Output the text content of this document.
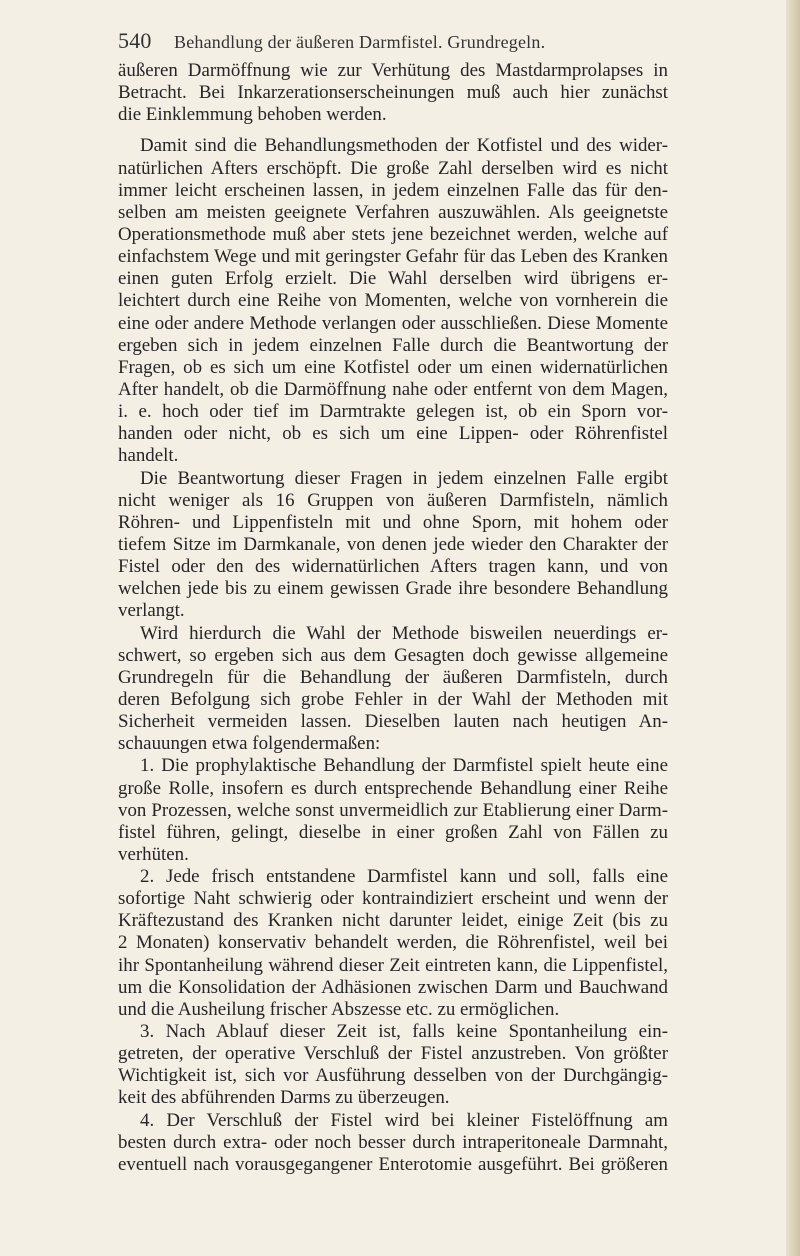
540 Behandlung der äußeren Darmfistel. Grundregeln.
äußeren Darmöffnung wie zur Verhütung des Mastdarmprolapses in
Betracht. Bei Inkarzerationserscheinungen muß auch hier zunächst
die Einklemmung behoben werden.
Damit sind die Behandlungsmethoden der Kotfistel und des wider-
natürlichen Afters erschöpft. Die große Zahl derselben wird es nicht
immer leicht erscheinen lassen, in jedem einzelnen Falle das für den-
selben am meisten geeignete Verfahren auszuwählen. Als geeignetste
Operationsmethode muß aber stets jene bezeichnet werden, welche auf
einfachstem Wege und mit geringster Gefahr für das Leben des Kranken
einen guten Erfolg erzielt. Die Wahl derselben wird übrigens er-
leichtert durch eine Reihe von Momenten, welche von vornherein die
eine oder andere Methode verlangen oder ausschließen. Diese Momente
ergeben sich in jedem einzelnen Falle durch die Beantwortung der
Fragen, ob es sich um eine Kotfistel oder um einen widernatürlichen
After handelt, ob die Darmöffnung nahe oder entfernt von dem Magen,
i. e. hoch oder tief im Darmtrakte gelegen ist, ob ein Sporn vor-
handen oder nicht, ob es sich um eine Lippen- oder Röhrenfistel
handelt.
Die Beantwortung dieser Fragen in jedem einzelnen Falle ergibt
nicht weniger als 16 Gruppen von äußeren Darmfisteln, nämlich
Röhren- und Lippenfisteln mit und ohne Sporn, mit hohem oder
tiefem Sitze im Darmkanale, von denen jede wieder den Charakter der
Fistel oder den des widernatürlichen Afters tragen kann, und von
welchen jede bis zu einem gewissen Grade ihre besondere Behandlung
verlangt.
Wird hierdurch die Wahl der Methode bisweilen neuerdings er-
schwert, so ergeben sich aus dem Gesagten doch gewisse allgemeine
Grundregeln für die Behandlung der äußeren Darmfisteln, durch
deren Befolgung sich grobe Fehler in der Wahl der Methoden mit
Sicherheit vermeiden lassen. Dieselben lauten nach heutigen An-
schauungen etwa folgendermaßen:
1. Die prophylaktische Behandlung der Darmfistel spielt heute eine
große Rolle, insofern es durch entsprechende Behandlung einer Reihe
von Prozessen, welche sonst unvermeidlich zur Etablierung einer Darm-
fistel führen, gelingt, dieselbe in einer großen Zahl von Fällen zu
verhüten.
2. Jede frisch entstandene Darmfistel kann und soll, falls eine
sofortige Naht schwierig oder kontraindiziert erscheint und wenn der
Kräftezustand des Kranken nicht darunter leidet, einige Zeit (bis zu
2 Monaten) konservativ behandelt werden, die Röhrenfistel, weil bei
ihr Spontanheilung während dieser Zeit eintreten kann, die Lippenfistel,
um die Konsolidation der Adhäsionen zwischen Darm und Bauchwand
und die Ausheilung frischer Abszesse etc. zu ermöglichen.
3. Nach Ablauf dieser Zeit ist, falls keine Spontanheilung ein-
getreten, der operative Verschluß der Fistel anzustreben. Von größter
Wichtigkeit ist, sich vor Ausführung desselben von der Durchgängig-
keit des abführenden Darms zu überzeugen.
4. Der Verschluß der Fistel wird bei kleiner Fistelöffnung am
besten durch extra- oder noch besser durch intraperitoneale Darmnaht,
eventuell nach vorausgegangener Enterotomie ausgeführt. Bei größeren
